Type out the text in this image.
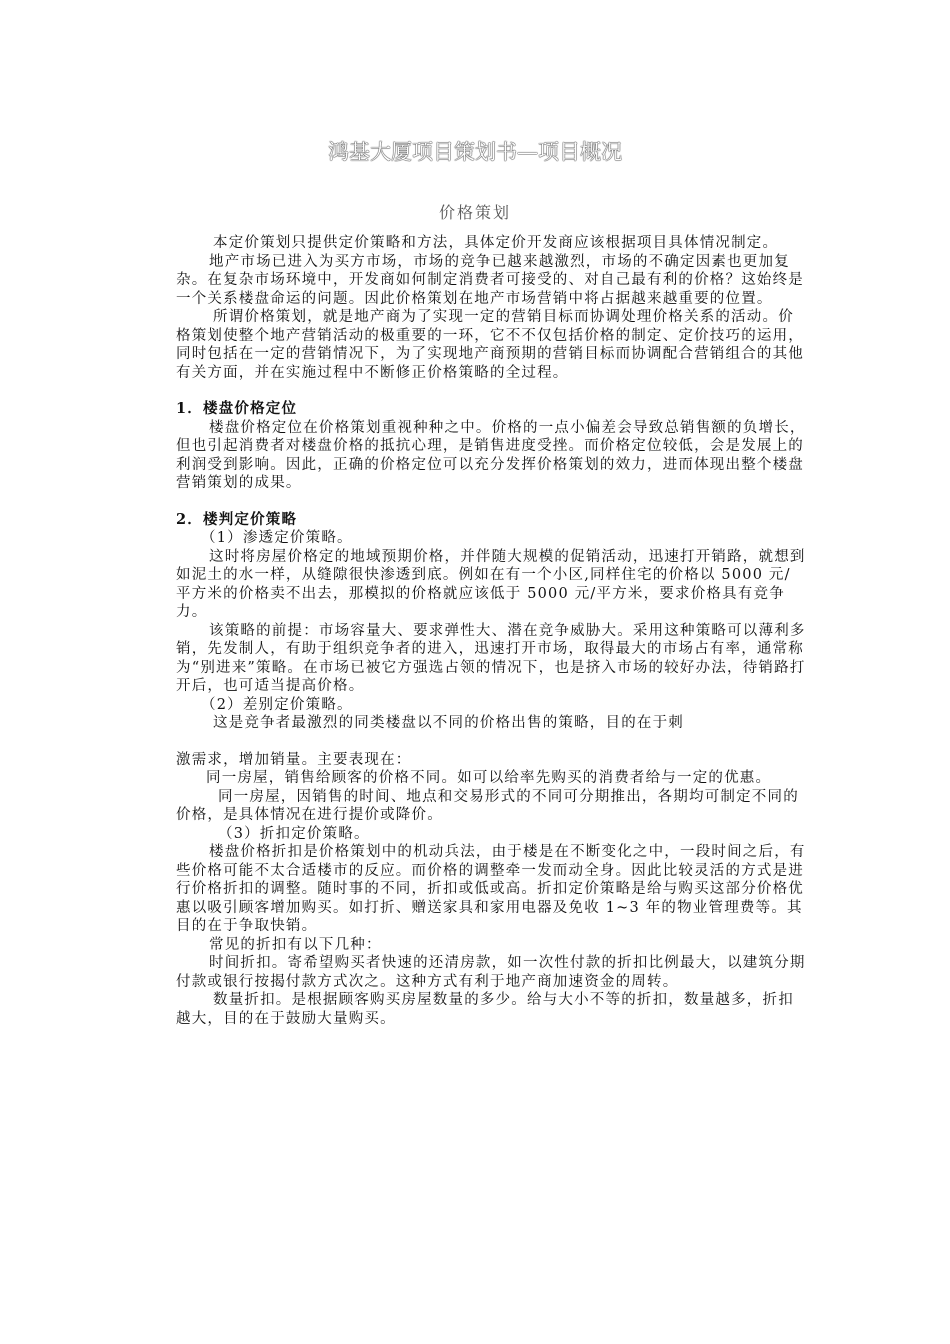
鸿基大厦项目策划书—项目概况
价格策划

本定价策划只提供定价策略和方法，具体定价开发商应该根据项目具体情况制定。

地产市场已进入为买方市场，市场的竞争已越来越激烈，市场的不确定因素也更加复杂。在复杂市场环境中，开发商如何制定消费者可接受的、对自己最有利的价格？这始终是一个关系楼盘命运的问题。因此价格策划在地产市场营销中将占据越来越重要的位置。

所谓价格策划，就是地产商为了实现一定的营销目标而协调处理价格关系的活动。价格策划使整个地产营销活动的极重要的一环，它不不仅包括价格的制定、定价技巧的运用，同时包括在一定的营销情况下，为了实现地产商预期的营销目标而协调配合营销组合的其他有关方面，并在实施过程中不断修正价格策略的全过程。

1．楼盘价格定位

楼盘价格定位在价格策划重视种种之中。价格的一点小偏差会导致总销售额的负增长，但也引起消费者对楼盘价格的抵抗心理，是销售进度受挫。而价格定位较低，会是发展上的利润受到影响。因此，正确的价格定位可以充分发挥价格策划的效力，进而体现出整个楼盘营销策划的成果。

2．楼判定价策略

（1）渗透定价策略。

这时将房屋价格定的地域预期价格，并伴随大规模的促销活动，迅速打开销路，就想到如泥土的水一样，从缝隙很快渗透到底。例如在有一个小区,同样住宅的价格以 5000 元/平方米的价格卖不出去，那模拟的价格就应该低于 5000 元/平方米，要求价格具有竞争力。

该策略的前提：市场容量大、要求弹性大、潜在竞争威胁大。采用这种策略可以薄利多销，先发制人，有助于组织竞争者的进入，迅速打开市场，取得最大的市场占有率，通常称为“别进来”策略。在市场已被它方强选占领的情况下，也是挤入市场的较好办法，待销路打开后，也可适当提高价格。

（2）差别定价策略。

这是竞争者最激烈的同类楼盘以不同的价格出售的策略，目的在于刺

激需求，增加销量。主要表现在：

同一房屋，销售给顾客的价格不同。如可以给率先购买的消费者给与一定的优惠。

同一房屋，因销售的时间、地点和交易形式的不同可分期推出，各期均可制定不同的价格，是具体情况在进行提价或降价。

（3）折扣定价策略。

楼盘价格折扣是价格策划中的机动兵法，由于楼是在不断变化之中，一段时间之后，有些价格可能不太合适楼市的反应。而价格的调整牵一发而动全身。因此比较灵活的方式是进行价格折扣的调整。随时事的不同，折扣或低或高。折扣定价策略是给与购买这部分价格优惠以吸引顾客增加购买。如打折、赠送家具和家用电器及免收 1~3 年的物业管理费等。其目的在于争取快销。

常见的折扣有以下几种：

时间折扣。寄希望购买者快速的还清房款，如一次性付款的折扣比例最大，以建筑分期付款或银行按揭付款方式次之。这种方式有利于地产商加速资金的周转。

数量折扣。是根据顾客购买房屋数量的多少。给与大小不等的折扣，数量越多，折扣越大，目的在于鼓励大量购买。
